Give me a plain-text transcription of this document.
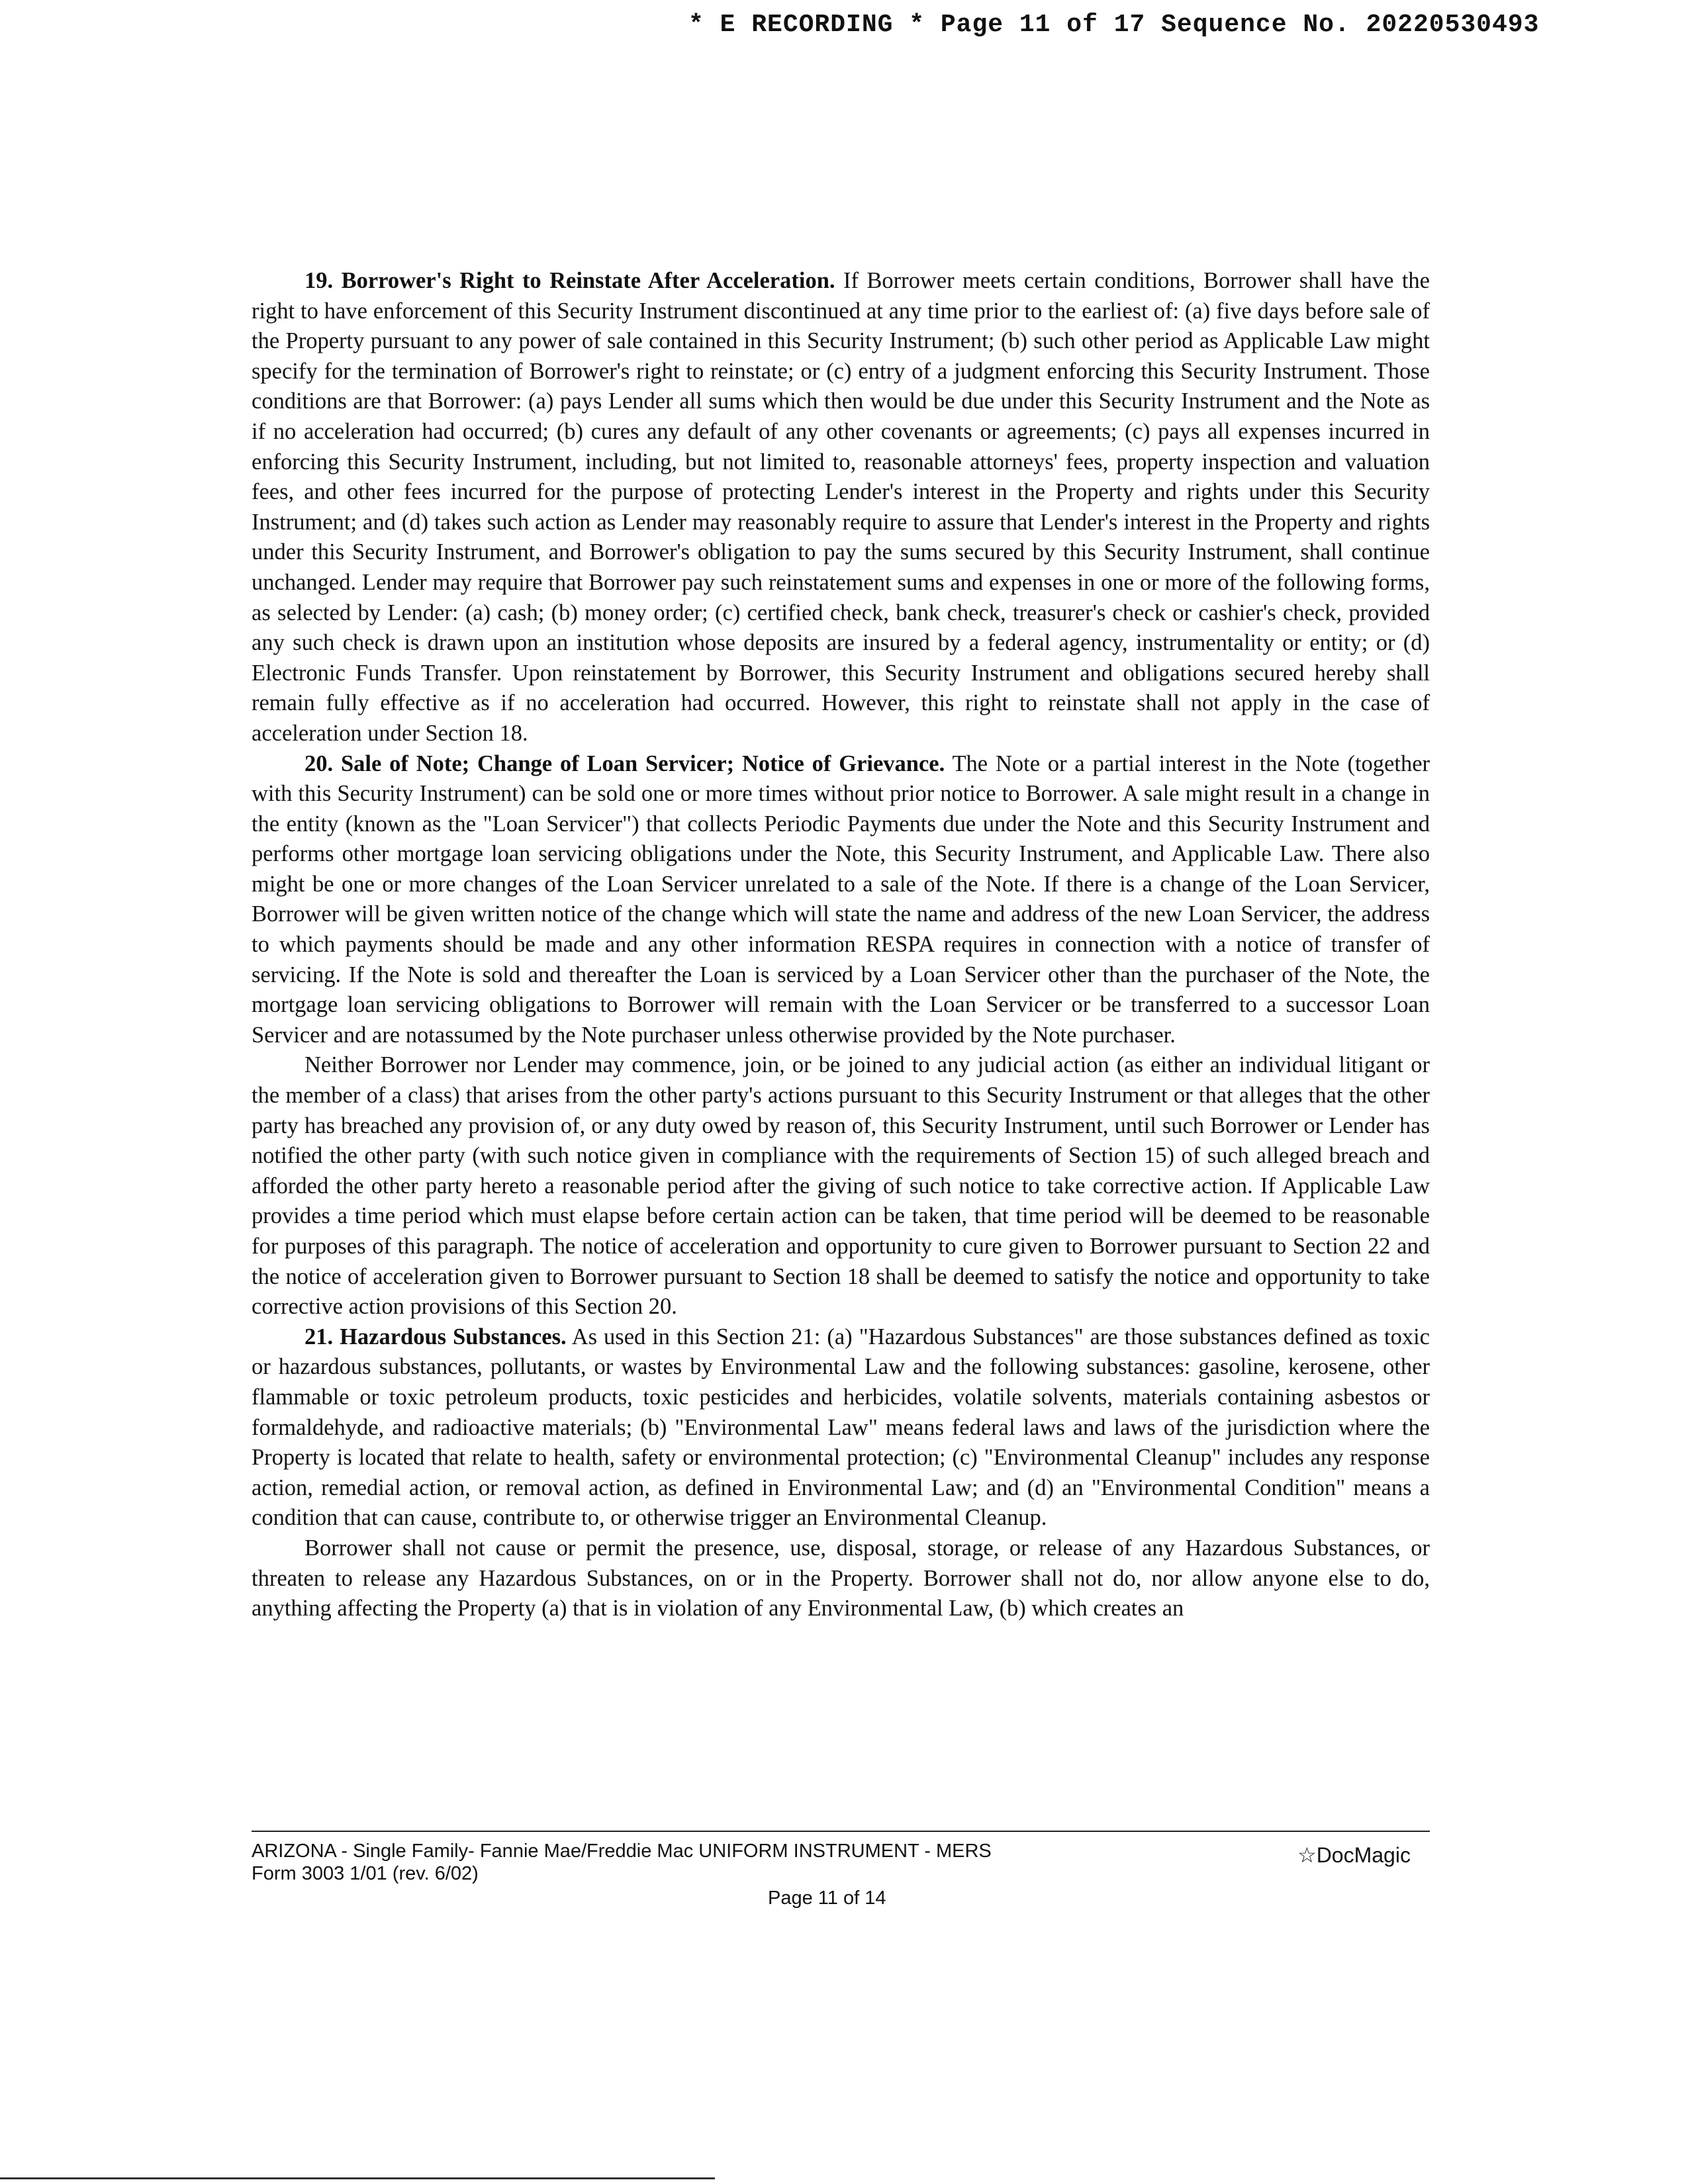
* E RECORDING * Page 11 of 17 Sequence No. 20220530493

19. Borrower's Right to Reinstate After Acceleration. If Borrower meets certain conditions, Borrower shall have the right to have enforcement of this Security Instrument discontinued at any time prior to the earliest of: (a) five days before sale of the Property pursuant to any power of sale contained in this Security Instrument; (b) such other period as Applicable Law might specify for the termination of Borrower's right to reinstate; or (c) entry of a judgment enforcing this Security Instrument. Those conditions are that Borrower: (a) pays Lender all sums which then would be due under this Security Instrument and the Note as if no acceleration had occurred; (b) cures any default of any other covenants or agreements; (c) pays all expenses incurred in enforcing this Security Instrument, including, but not limited to, reasonable attorneys' fees, property inspection and valuation fees, and other fees incurred for the purpose of protecting Lender's interest in the Property and rights under this Security Instrument; and (d) takes such action as Lender may reasonably require to assure that Lender's interest in the Property and rights under this Security Instrument, and Borrower's obligation to pay the sums secured by this Security Instrument, shall continue unchanged. Lender may require that Borrower pay such reinstatement sums and expenses in one or more of the following forms, as selected by Lender: (a) cash; (b) money order; (c) certified check, bank check, treasurer's check or cashier's check, provided any such check is drawn upon an institution whose deposits are insured by a federal agency, instrumentality or entity; or (d) Electronic Funds Transfer. Upon reinstatement by Borrower, this Security Instrument and obligations secured hereby shall remain fully effective as if no acceleration had occurred. However, this right to reinstate shall not apply in the case of acceleration under Section 18.

20. Sale of Note; Change of Loan Servicer; Notice of Grievance. The Note or a partial interest in the Note (together with this Security Instrument) can be sold one or more times without prior notice to Borrower. A sale might result in a change in the entity (known as the "Loan Servicer") that collects Periodic Payments due under the Note and this Security Instrument and performs other mortgage loan servicing obligations under the Note, this Security Instrument, and Applicable Law. There also might be one or more changes of the Loan Servicer unrelated to a sale of the Note. If there is a change of the Loan Servicer, Borrower will be given written notice of the change which will state the name and address of the new Loan Servicer, the address to which payments should be made and any other information RESPA requires in connection with a notice of transfer of servicing. If the Note is sold and thereafter the Loan is serviced by a Loan Servicer other than the purchaser of the Note, the mortgage loan servicing obligations to Borrower will remain with the Loan Servicer or be transferred to a successor Loan Servicer and are notassumed by the Note purchaser unless otherwise provided by the Note purchaser.

Neither Borrower nor Lender may commence, join, or be joined to any judicial action (as either an individual litigant or the member of a class) that arises from the other party's actions pursuant to this Security Instrument or that alleges that the other party has breached any provision of, or any duty owed by reason of, this Security Instrument, until such Borrower or Lender has notified the other party (with such notice given in compliance with the requirements of Section 15) of such alleged breach and afforded the other party hereto a reasonable period after the giving of such notice to take corrective action. If Applicable Law provides a time period which must elapse before certain action can be taken, that time period will be deemed to be reasonable for purposes of this paragraph. The notice of acceleration and opportunity to cure given to Borrower pursuant to Section 22 and the notice of acceleration given to Borrower pursuant to Section 18 shall be deemed to satisfy the notice and opportunity to take corrective action provisions of this Section 20.

21. Hazardous Substances. As used in this Section 21: (a) "Hazardous Substances" are those substances defined as toxic or hazardous substances, pollutants, or wastes by Environmental Law and the following substances: gasoline, kerosene, other flammable or toxic petroleum products, toxic pesticides and herbicides, volatile solvents, materials containing asbestos or formaldehyde, and radioactive materials; (b) "Environmental Law" means federal laws and laws of the jurisdiction where the Property is located that relate to health, safety or environmental protection; (c) "Environmental Cleanup" includes any response action, remedial action, or removal action, as defined in Environmental Law; and (d) an "Environmental Condition" means a condition that can cause, contribute to, or otherwise trigger an Environmental Cleanup.

Borrower shall not cause or permit the presence, use, disposal, storage, or release of any Hazardous Substances, or threaten to release any Hazardous Substances, on or in the Property. Borrower shall not do, nor allow anyone else to do, anything affecting the Property (a) that is in violation of any Environmental Law, (b) which creates an

ARIZONA - Single Family- Fannie Mae/Freddie Mac UNIFORM INSTRUMENT - MERS
Form 3003 1/01 (rev. 6/02)
☆DocMagic
Page 11 of 14
